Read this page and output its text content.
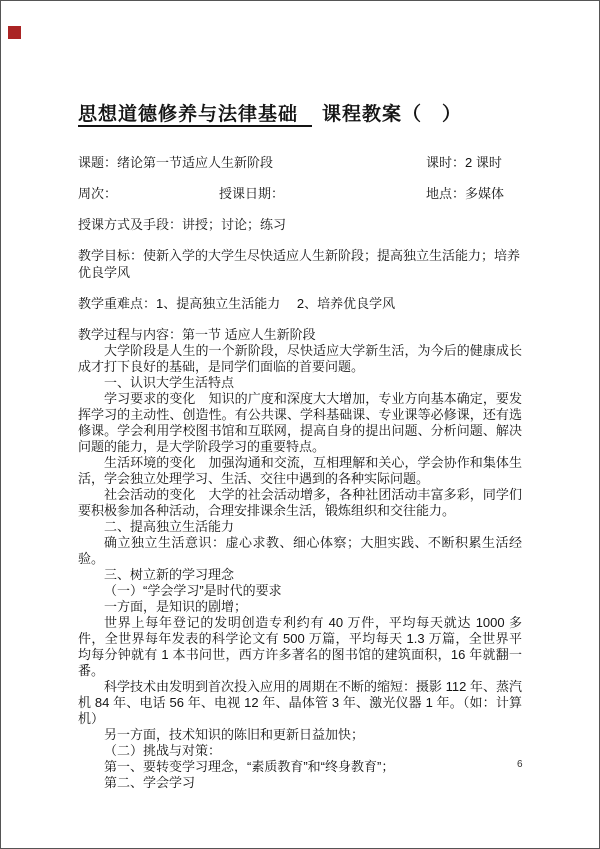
思想道德修养与法律基础 课程教案（　）
课题：绪论第一节适应人生新阶段	课时：2 课时
周次：	授课日期：	地点：多媒体
授课方式及手段：讲授；讨论；练习
教学目标：使新入学的大学生尽快适应人生新阶段；提高独立生活能力；培养优良学风
教学重难点：1、提高独立生活能力　 2、培养优良学风
教学过程与内容：第一节 适应人生新阶段

大学阶段是人生的一个新阶段，尽快适应大学新生活，为今后的健康成长成才打下良好的基础，是同学们面临的首要问题。

一、认识大学生活特点

学习要求的变化　知识的广度和深度大大增加，专业方向基本确定，要发挥学习的主动性、创造性。有公共课、学科基础课、专业课等必修课，还有选修课。学会利用学校图书馆和互联网，提高自身的提出问题、分析问题、解决问题的能力，是大学阶段学习的重要特点。

生活环境的变化　加强沟通和交流，互相理解和关心，学会协作和集体生活，学会独立处理学习、生活、交往中遇到的各种实际问题。

社会活动的变化　大学的社会活动增多，各种社团活动丰富多彩，同学们要积极参加各种活动，合理安排课余生活，锻炼组织和交往能力。

二、提高独立生活能力

确立独立生活意识：虚心求教、细心体察；大胆实践、不断积累生活经验。

三、树立新的学习理念

（一）“学会学习”是时代的要求

一方面，是知识的剧增；

世界上每年登记的发明创造专利约有 40 万件，平均每天就达 1000 多件，全世界每年发表的科学论文有 500 万篇，平均每天 1.3 万篇，全世界平均每分钟就有 1 本书问世，西方许多著名的图书馆的建筑面积，16 年就翻一番。

科学技术由发明到首次投入应用的周期在不断的缩短：摄影 112 年、蒸汽机 84 年、电话 56 年、电视 12 年、晶体管 3 年、激光仪器 1 年。（如：计算机）

另一方面，技术知识的陈旧和更新日益加快；

（二）挑战与对策：

第一、要转变学习理念，“素质教育”和“终身教育”；

第二、学会学习

6
